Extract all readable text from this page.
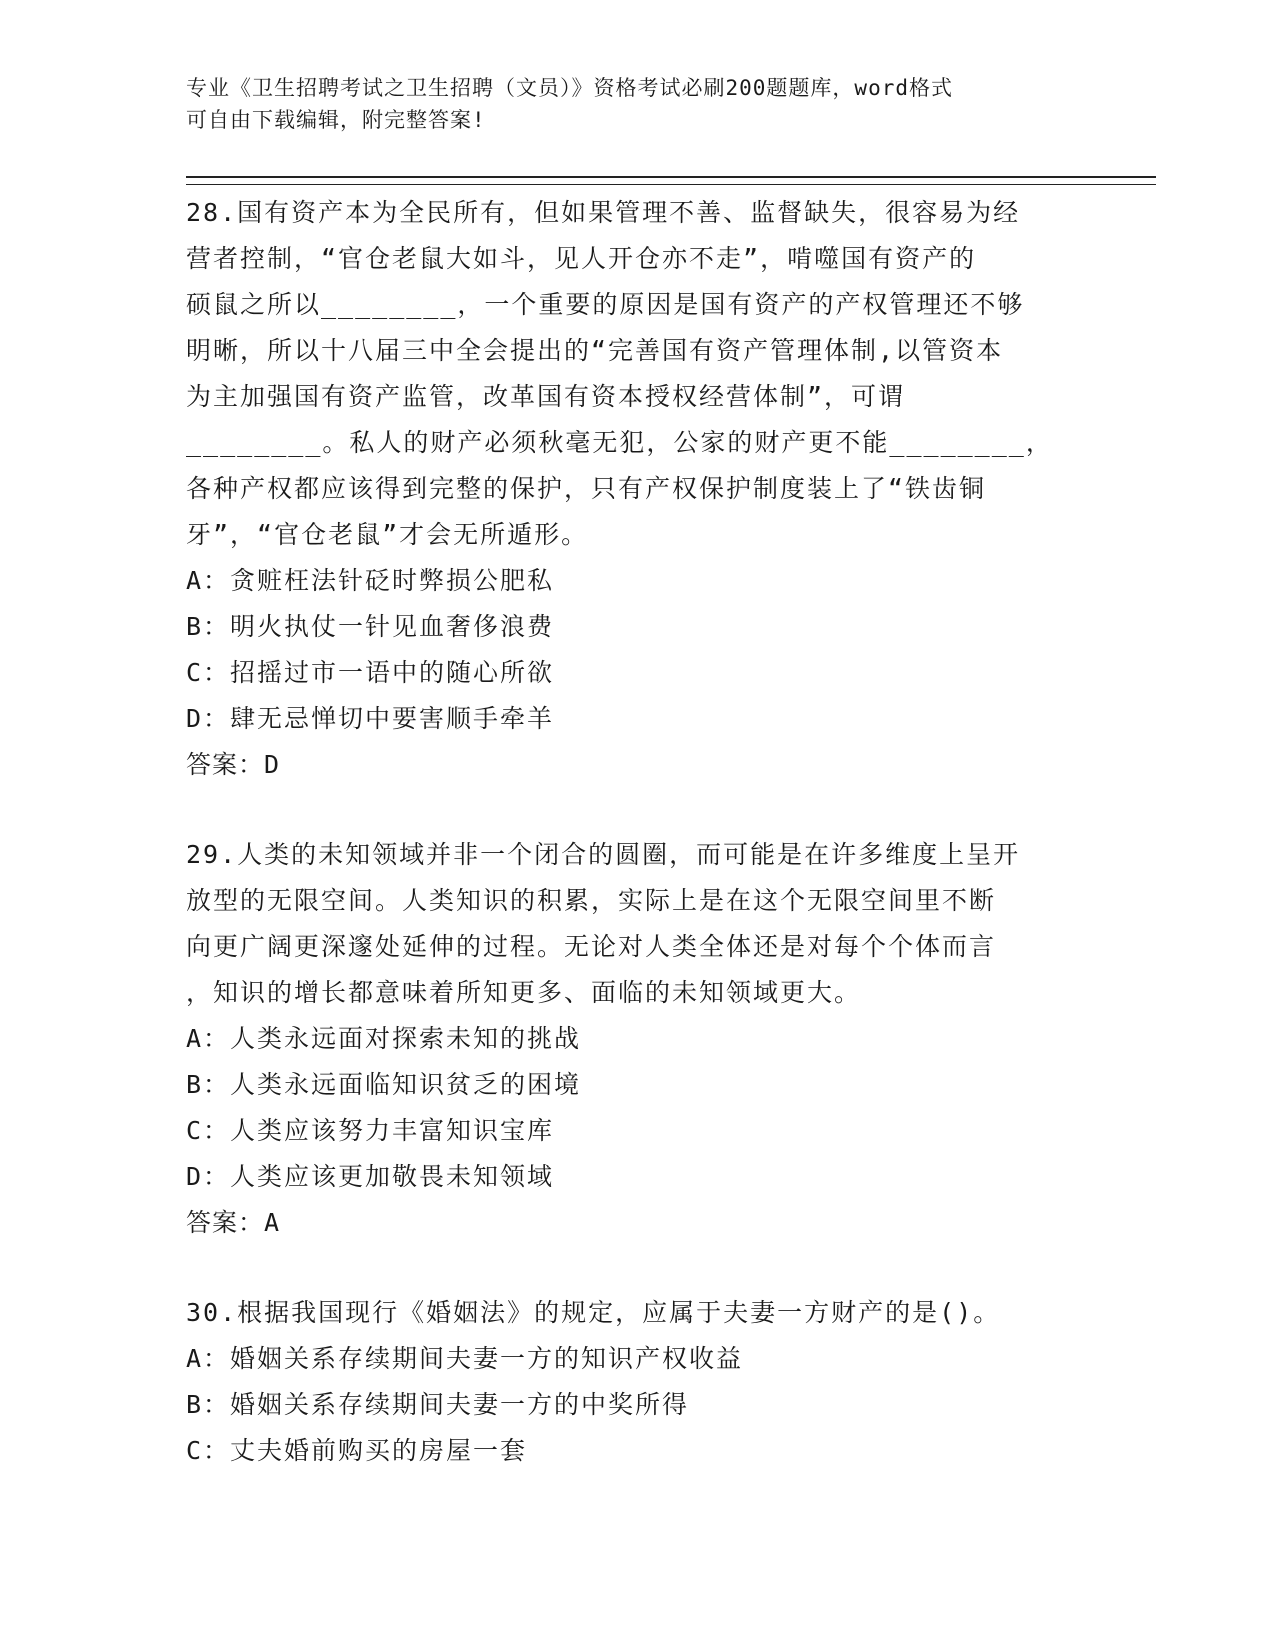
专业《卫生招聘考试之卫生招聘（文员）》资格考试必刷200题题库，word格式
可自由下载编辑，附完整答案!

28.国有资产本为全民所有，但如果管理不善、监督缺失，很容易为经

营者控制，“官仓老鼠大如斗，见人开仓亦不走”，啃噬国有资产的

硕鼠之所以________，一个重要的原因是国有资产的产权管理还不够

明晰，所以十八届三中全会提出的“完善国有资产管理体制,以管资本

为主加强国有资产监管，改革国有资本授权经营体制”，可谓

________。私人的财产必须秋毫无犯，公家的财产更不能________，

各种产权都应该得到完整的保护，只有产权保护制度装上了“铁齿铜

牙”，“官仓老鼠”才会无所遁形。

A：贪赃枉法针砭时弊损公肥私

B：明火执仗一针见血奢侈浪费

C：招摇过市一语中的随心所欲

D：肆无忌惮切中要害顺手牵羊

答案：D

29.人类的未知领域并非一个闭合的圆圈，而可能是在许多维度上呈开

放型的无限空间。人类知识的积累，实际上是在这个无限空间里不断

向更广阔更深邃处延伸的过程。无论对人类全体还是对每个个体而言

，知识的增长都意味着所知更多、面临的未知领域更大。

A：人类永远面对探索未知的挑战

B：人类永远面临知识贫乏的困境

C：人类应该努力丰富知识宝库

D：人类应该更加敬畏未知领域

答案：A

30.根据我国现行《婚姻法》的规定，应属于夫妻一方财产的是()。

A：婚姻关系存续期间夫妻一方的知识产权收益

B：婚姻关系存续期间夫妻一方的中奖所得

C：丈夫婚前购买的房屋一套
